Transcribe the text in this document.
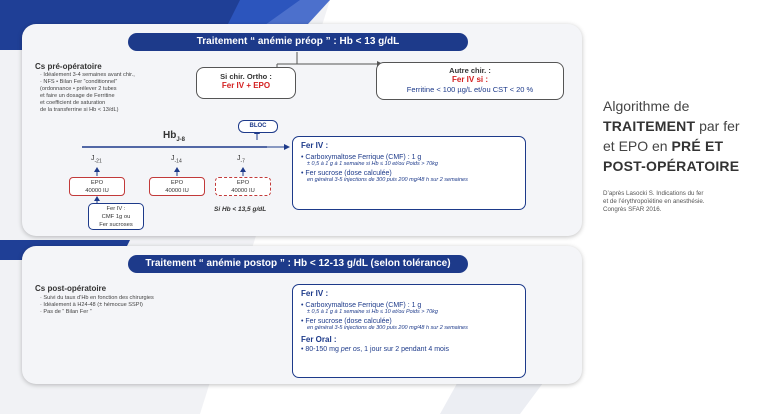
Traitement “ anémie préop ” : Hb < 13 g/dL
Cs pré-opératoire
· Idéalement 3-4 semaines avant chir.,
· NFS • Bilan Fer “conditionnel”
(ordonnance • prélever 2 tubes
et faire un dosage de Ferritine
et coefficient de saturation
de la transferrine si Hb < 13/dL)
Si chir. Ortho :
Fer IV + EPO
Autre chir. :
Fer IV si :
Ferritine < 100 µg/L et/ou CST < 20 %
$Hb_{J-8}$
BLOC
$J_{-21}$	$J_{-14}$	$J_{-7}$
EPO
40000 IU
EPO
40000 IU
EPO
40000 IU
Si Hb < 13,5 g/dL
Fer IV :
CMF 1g ou
Fer sucroses
Fer IV :
• Carboxymaltose Ferrique (CMF) : 1 g
± 0,5 à 1 g à 1 semaine si Hb ≤ 10 et/ou Poids > 70kg
• Fer sucrose (dose calculée)
en général 3-5 injections de 300 puis 200 mg/48 h sur 2 semaines
Traitement “ anémie postop ” : Hb < 12-13 g/dL (selon tolérance)
Cs post-opératoire
· Suivi du taux d’Hb en fonction des chirurgies
· Idéalement à H24-48 (± hémocue SSPI)
· Pas de “ Bilan Fer ”
Fer IV :
• Carboxymaltose Ferrique (CMF) : 1 g
± 0,5 à 1 g à 1 semaine si Hb ≤ 10 et/ou Poids > 70kg
• Fer sucrose (dose calculée)
en général 3-5 injections de 300 puis 200 mg/48 h sur 2 semaines
Fer Oral :
• 80-150 mg per os, 1 jour sur 2 pendant 4 mois
Algorithme de
TRAITEMENT par fer
et EPO en PRÉ ET
POST-OPÉRATOIRE
D’après Lasocki S. Indications du fer
et de l’érythropoïétine en anesthésie.
Congrès SFAR 2016.
